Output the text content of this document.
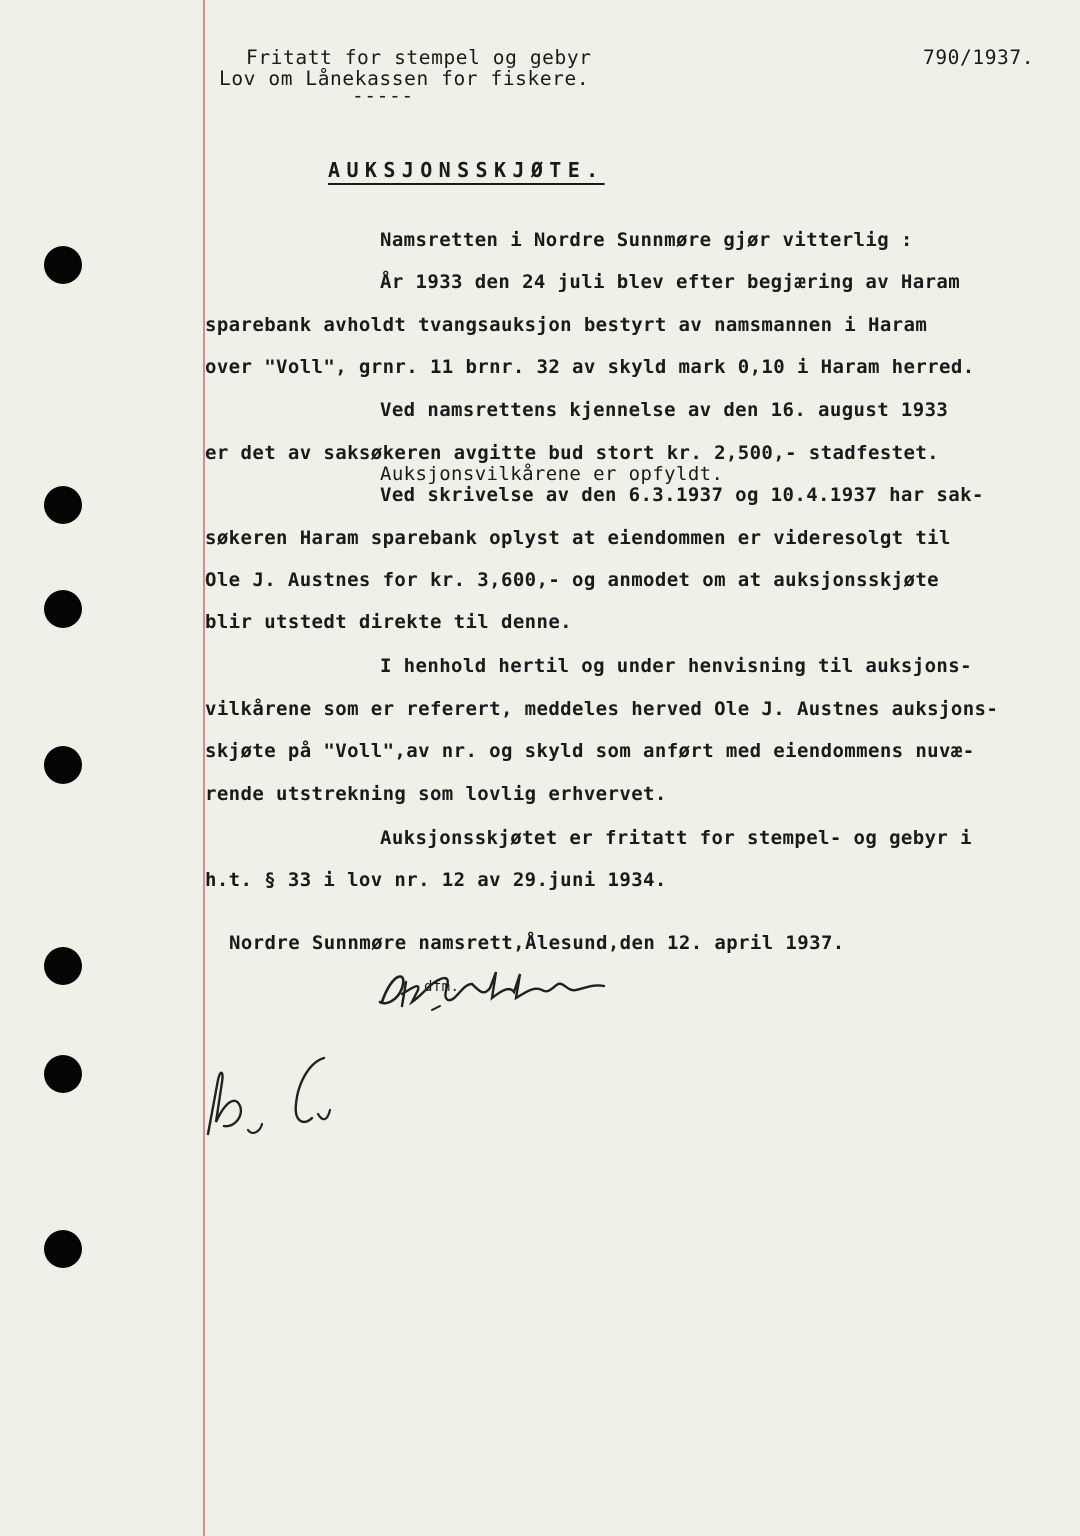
Fritatt for stempel og gebyr
Lov om Lånekassen for fiskere.
-----
790/1937.
AUKSJONSSKJØTE.
Namsretten i Nordre Sunnmøre gjør vitterlig :
År 1933 den 24 juli blev efter begjæring av Haram
sparebank avholdt tvangsauksjon bestyrt av namsmannen i Haram
over "Voll", grnr. 11 brnr. 32 av skyld mark 0,10 i Haram herred.
Ved namsrettens kjennelse av den 16. august 1933
er det av saksøkeren avgitte bud stort kr. 2,500,- stadfestet.
Auksjonsvilkårene er opfyldt.
Ved skrivelse av den 6.3.1937 og 10.4.1937 har sak-
søkeren Haram sparebank oplyst at eiendommen er videresolgt til
Ole J. Austnes for kr. 3,600,- og anmodet om at auksjonsskjøte
blir utstedt direkte til denne.
I henhold hertil og under henvisning til auksjons-
vilkårene som er referert, meddeles herved Ole J. Austnes auksjons-
skjøte på "Voll",av nr. og skyld som anført med eiendommens nuvæ-
rende utstrekning som lovlig erhvervet.
Auksjonsskjøtet er fritatt for stempel- og gebyr i
h.t. § 33 i lov nr. 12 av 29.juni 1934.
Nordre Sunnmøre namsrett,Ålesund,den 12. april 1937.
dfm.
